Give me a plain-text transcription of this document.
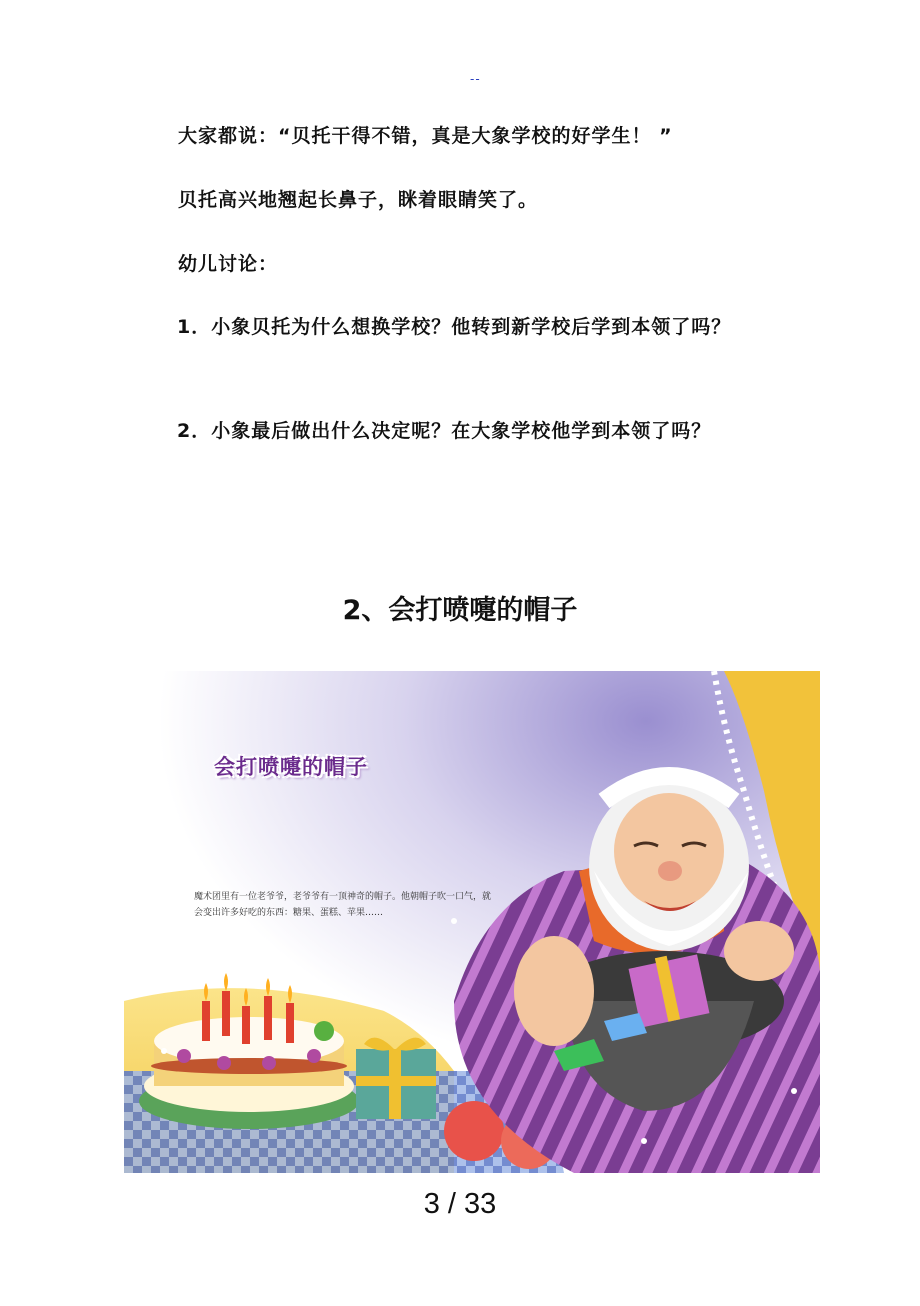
--
大家都说：“贝托干得不错，真是大象学校的好学生！ ”
贝托高兴地翘起长鼻子，眯着眼睛笑了。
幼儿讨论：
1．小象贝托为什么想换学校？他转到新学校后学到本领了吗？
2．小象最后做出什么决定呢？在大象学校他学到本领了吗？
2、会打喷嚏的帽子
会打喷嚏的帽子
魔术团里有一位老爷爷，老爷爷有一顶神奇的帽子。他朝帽子吹一口气，就会变出许多好吃的东西：糖果、蛋糕、苹果……
3 / 33
